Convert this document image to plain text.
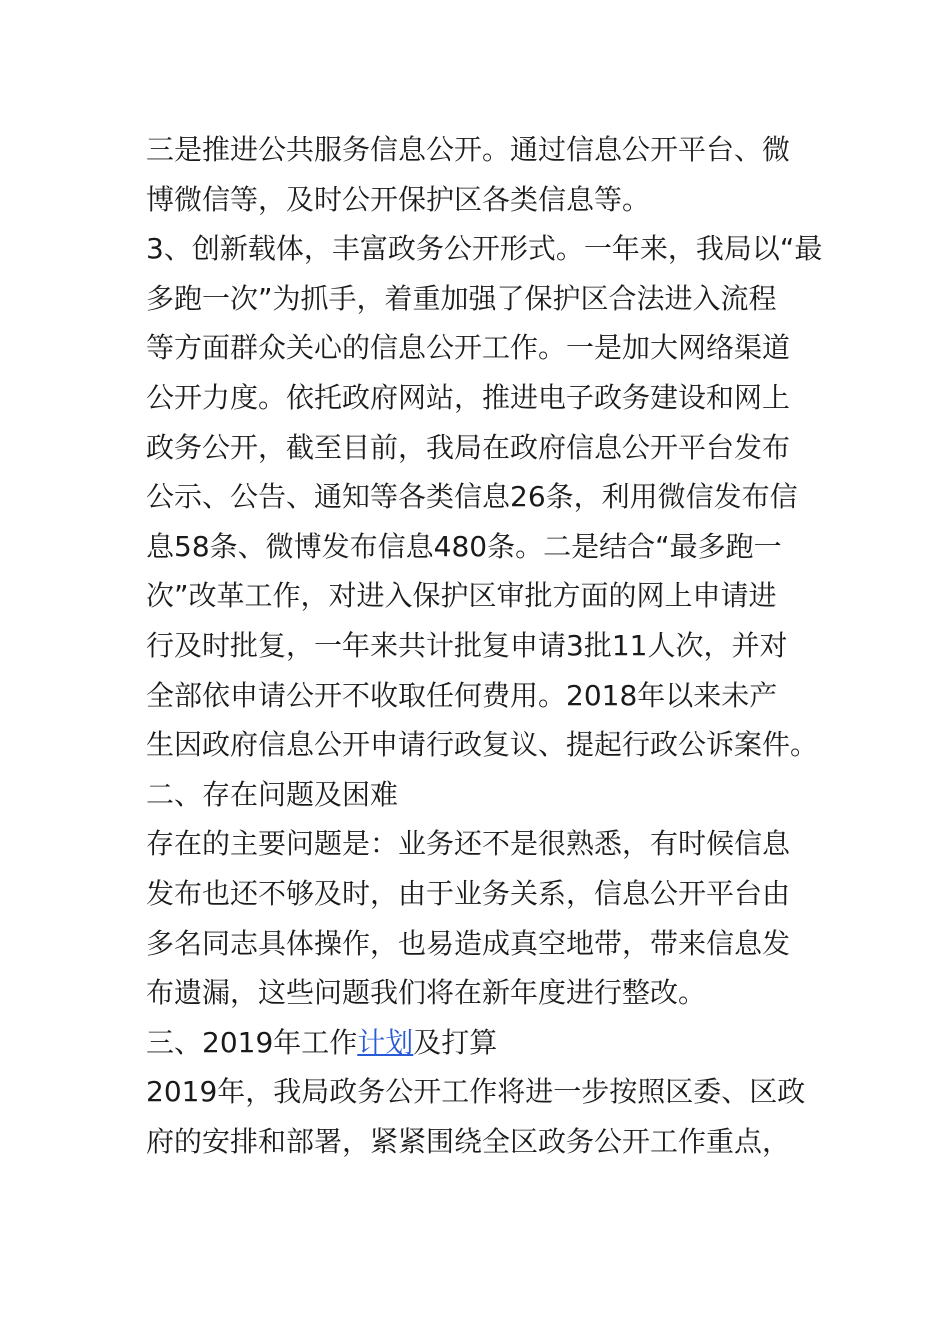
三是推进公共服务信息公开。通过信息公开平台、微
博微信等，及时公开保护区各类信息等。
3、创新载体，丰富政务公开形式。一年来，我局以“最
多跑一次”为抓手，着重加强了保护区合法进入流程
等方面群众关心的信息公开工作。一是加大网络渠道
公开力度。依托政府网站，推进电子政务建设和网上
政务公开，截至目前，我局在政府信息公开平台发布
公示、公告、通知等各类信息26条，利用微信发布信
息58条、微博发布信息480条。二是结合“最多跑一
次”改革工作，对进入保护区审批方面的网上申请进
行及时批复，一年来共计批复申请3批11人次，并对
全部依申请公开不收取任何费用。2018年以来未产
生因政府信息公开申请行政复议、提起行政公诉案件。
二、存在问题及困难
存在的主要问题是：业务还不是很熟悉，有时候信息
发布也还不够及时，由于业务关系，信息公开平台由
多名同志具体操作，也易造成真空地带，带来信息发
布遗漏，这些问题我们将在新年度进行整改。
三、2019年工作计划及打算
2019年，我局政务公开工作将进一步按照区委、区政
府的安排和部署，紧紧围绕全区政务公开工作重点，
